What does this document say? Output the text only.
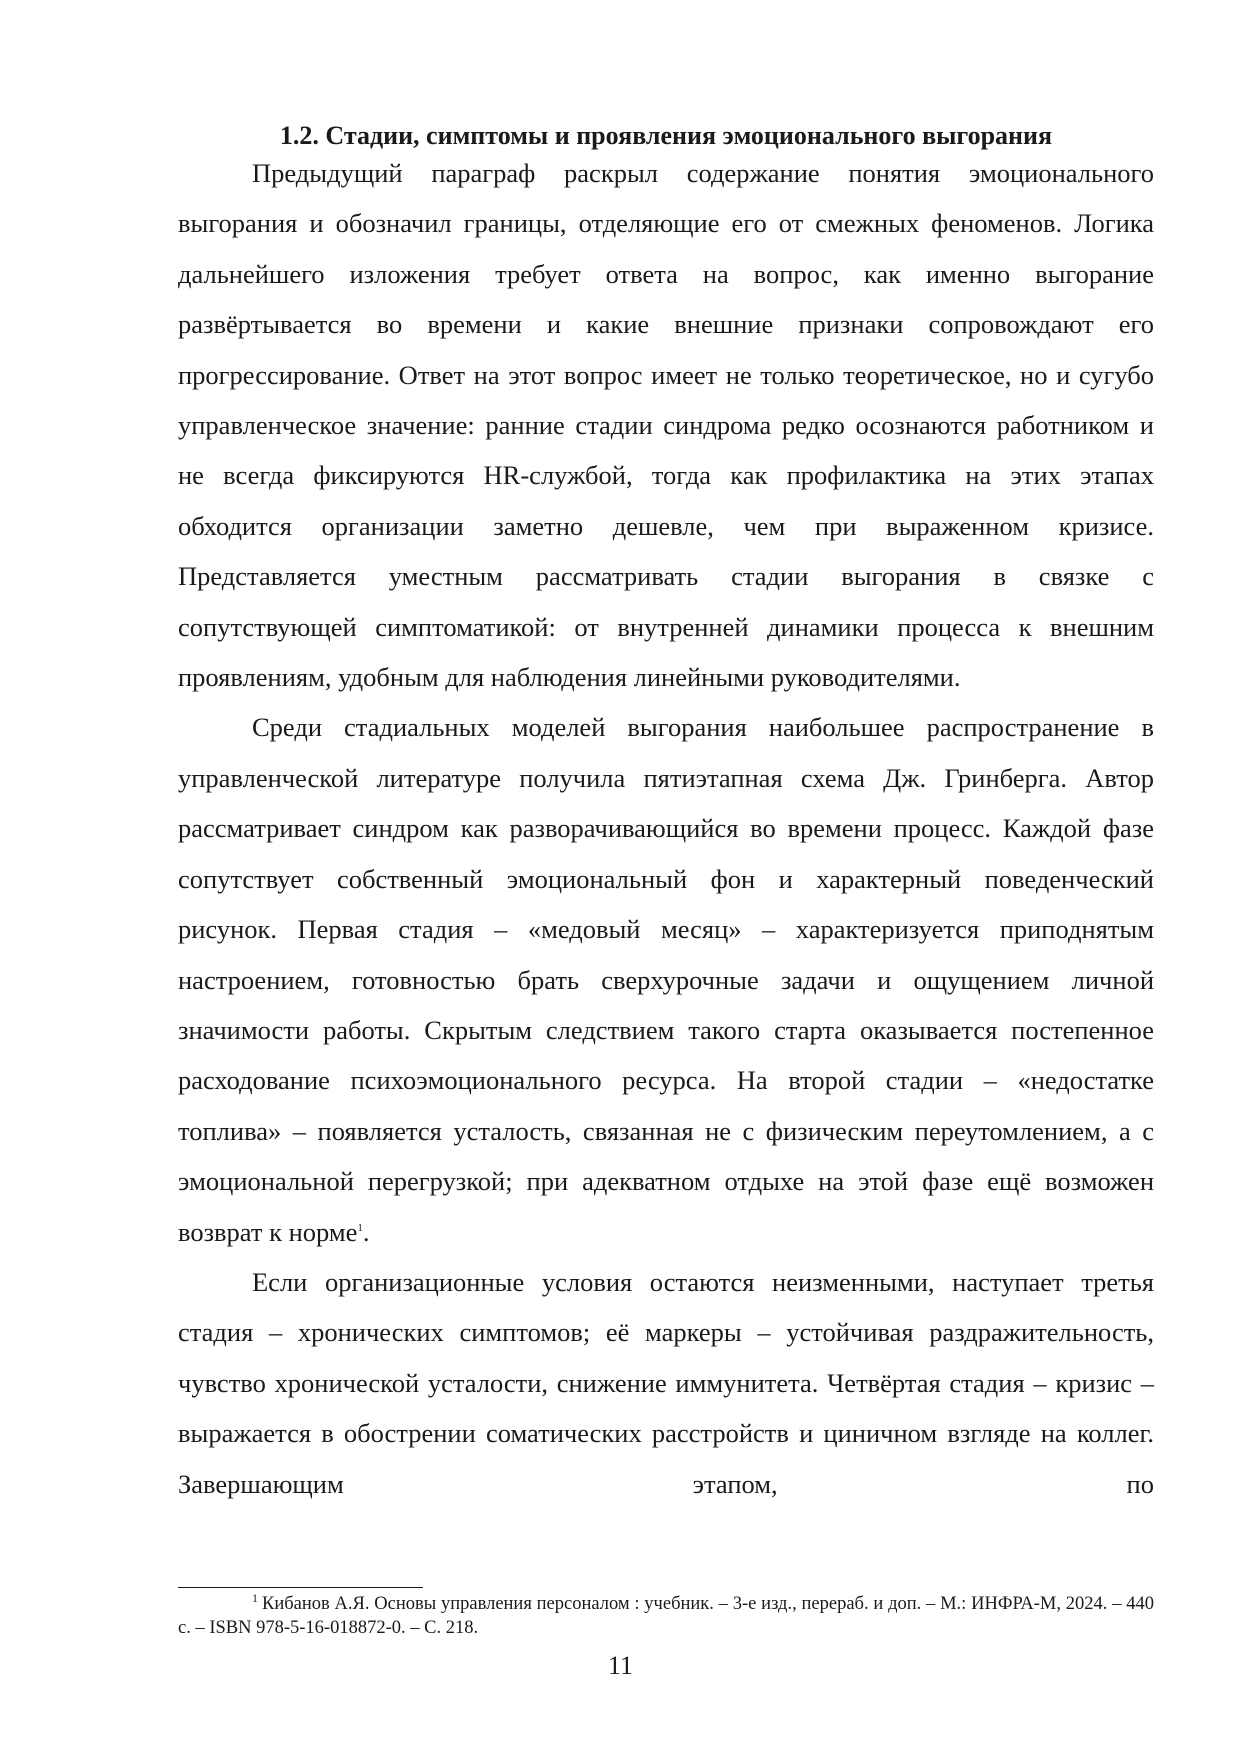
1.2. Стадии, симптомы и проявления эмоционального выгорания

Предыдущий параграф раскрыл содержание понятия эмоционального выгорания и обозначил границы, отделяющие его от смежных феноменов. Логика дальнейшего изложения требует ответа на вопрос, как именно выгорание развёртывается во времени и какие внешние признаки сопровождают его прогрессирование. Ответ на этот вопрос имеет не только теоретическое, но и сугубо управленческое значение: ранние стадии синдрома редко осознаются работником и не всегда фиксируются HR-службой, тогда как профилактика на этих этапах обходится организации заметно дешевле, чем при выраженном кризисе. Представляется уместным рассматривать стадии выгорания в связке с сопутствующей симптоматикой: от внутренней динамики процесса к внешним проявлениям, удобным для наблюдения линейными руководителями.

Среди стадиальных моделей выгорания наибольшее распространение в управленческой литературе получила пятиэтапная схема Дж. Гринберга. Автор рассматривает синдром как разворачивающийся во времени процесс. Каждой фазе сопутствует собственный эмоциональный фон и характерный поведенческий рисунок. Первая стадия – «медовый месяц» – характеризуется приподнятым настроением, готовностью брать сверхурочные задачи и ощущением личной значимости работы. Скрытым следствием такого старта оказывается постепенное расходование психоэмоционального ресурса. На второй стадии – «недостатке топлива» – появляется усталость, связанная не с физическим переутомлением, а с эмоциональной перегрузкой; при адекватном отдыхе на этой фазе ещё возможен возврат к норме$^1$.

Если организационные условия остаются неизменными, наступает третья стадия – хронических симптомов; её маркеры – устойчивая раздражительность, чувство хронической усталости, снижение иммунитета. Четвёртая стадия – кризис – выражается в обострении соматических расстройств и циничном взгляде на коллег. Завершающим этапом, по

$^1$ Кибанов А.Я. Основы управления персоналом : учебник. – 3-е изд., перераб. и доп. – М.: ИНФРА-М, 2024. – 440 с. – ISBN 978-5-16-018872-0. – С. 218.

11
